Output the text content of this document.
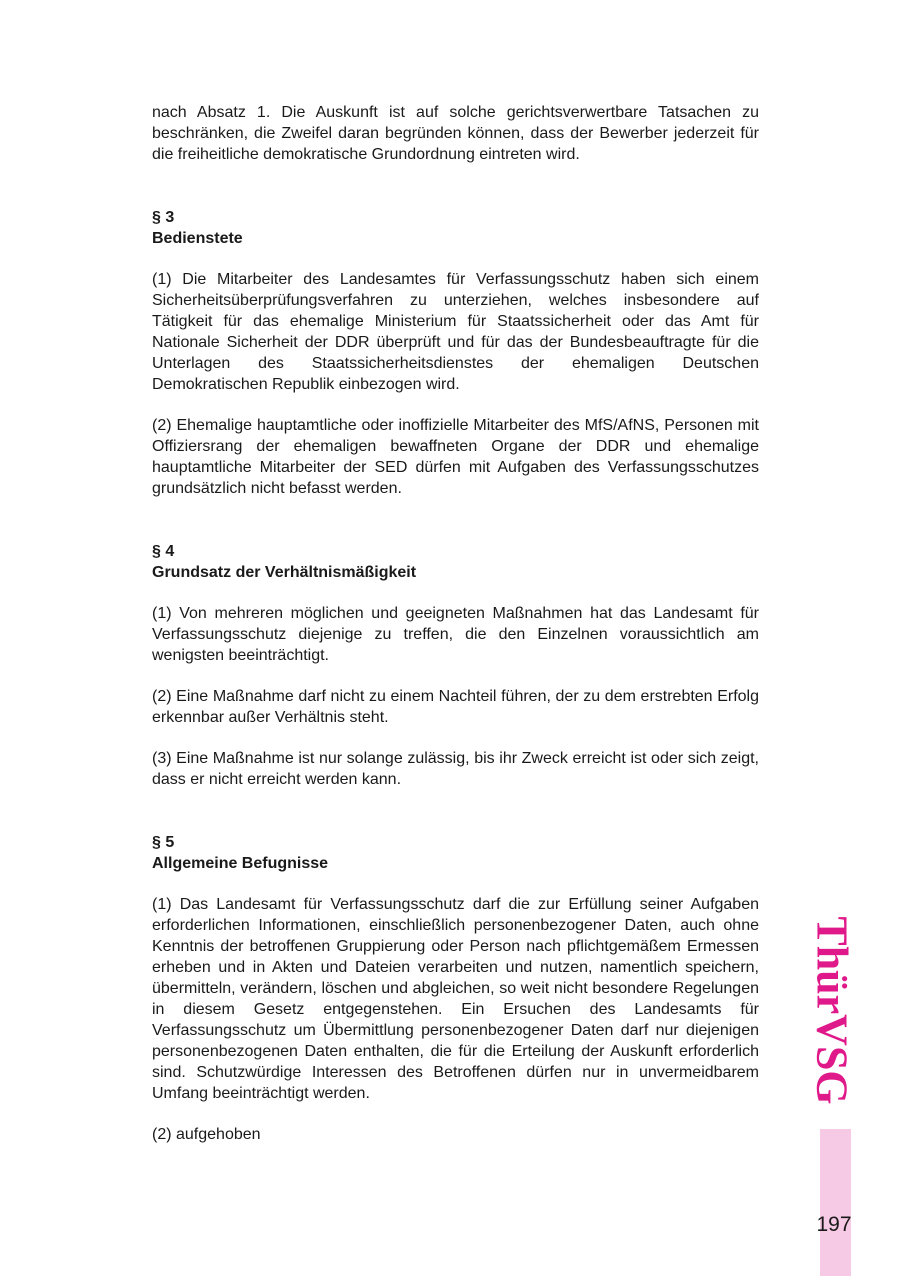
nach Absatz 1. Die Auskunft ist auf solche gerichtsverwertbare Tatsachen zu beschränken, die Zweifel daran begründen können, dass der Bewerber jederzeit für die freiheitliche demokratische Grundordnung eintreten wird.

§ 3

Bedienstete

(1) Die Mitarbeiter des Landesamtes für Verfassungsschutz haben sich einem Sicherheitsüberprüfungsverfahren zu unterziehen, welches insbesondere auf Tätigkeit für das ehemalige Ministerium für Staatssicherheit oder das Amt für Nationale Sicherheit der DDR überprüft und für das der Bundesbeauftragte für die Unterlagen des Staatssicherheitsdienstes der ehemaligen Deutschen Demokratischen Republik einbezogen wird.

(2) Ehemalige hauptamtliche oder inoffizielle Mitarbeiter des MfS/AfNS, Personen mit Offiziersrang der ehemaligen bewaffneten Organe der DDR und ehemalige hauptamtliche Mitarbeiter der SED dürfen mit Aufgaben des Verfassungsschutzes grundsätzlich nicht befasst werden.

§ 4

Grundsatz der Verhältnismäßigkeit

(1) Von mehreren möglichen und geeigneten Maßnahmen hat das Landesamt für Verfassungsschutz diejenige zu treffen, die den Einzelnen voraussichtlich am wenigsten beeinträchtigt.

(2) Eine Maßnahme darf nicht zu einem Nachteil führen, der zu dem erstrebten Erfolg erkennbar außer Verhältnis steht.

(3) Eine Maßnahme ist nur solange zulässig, bis ihr Zweck erreicht ist oder sich zeigt, dass er nicht erreicht werden kann.

§ 5

Allgemeine Befugnisse

(1) Das Landesamt für Verfassungsschutz darf die zur Erfüllung seiner Aufgaben erforderlichen Informationen, einschließlich personenbezogener Daten, auch ohne Kenntnis der betroffenen Gruppierung oder Person nach pflichtgemäßem Ermessen erheben und in Akten und Dateien verarbeiten und nutzen, namentlich speichern, übermitteln, verändern, löschen und abgleichen, so weit nicht besondere Regelungen in diesem Gesetz entgegenstehen. Ein Ersuchen des Landesamts für Verfassungsschutz um Übermittlung personenbezogener Daten darf nur diejenigen personenbezogenen Daten enthalten, die für die Erteilung der Auskunft erforderlich sind. Schutzwürdige Interessen des Betroffenen dürfen nur in unvermeidbarem Umfang beeinträchtigt werden.

(2) aufgehoben

ThürVSG
197
